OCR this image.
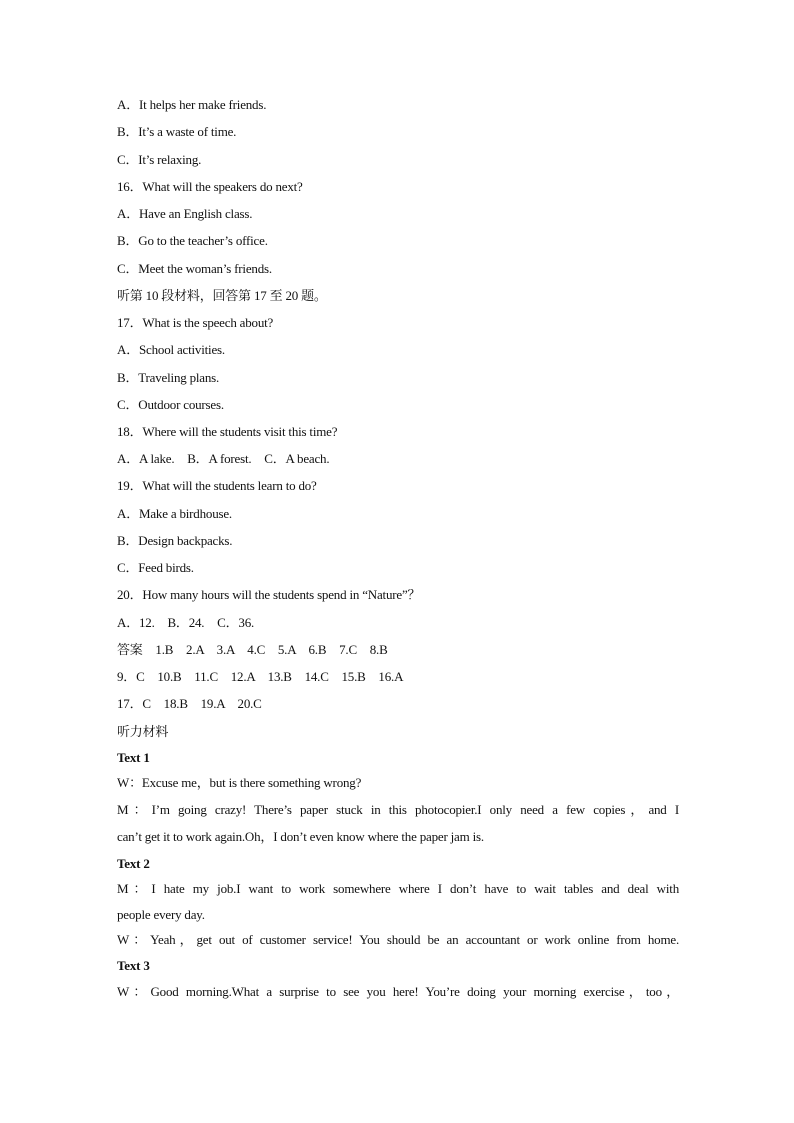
A．It helps her make friends.
B．It’s a waste of time.
C．It’s relaxing.
16．What will the speakers do next?
A．Have an English class.
B．Go to the teacher’s office.
C．Meet the woman’s friends.
听第 10 段材料，回答第 17 至 20 题。
17．What is the speech about?
A．School activities.
B．Traveling plans.
C．Outdoor courses.
18．Where will the students visit this time?
A．A lake.　B．A forest.　C．A beach.
19．What will the students learn to do?
A．Make a birdhouse.
B．Design backpacks.
C．Feed birds.
20．How many hours will the students spend in “Nature”？
A．12.　B．24.　C．36.
答案　1.B　2.A　3.A　4.C　5.A　6.B　7.C　8.B
9．C　10.B　11.C　12.A　13.B　14.C　15.B　16.A
17．C　18.B　19.A　20.C
听力材料
Text 1
W：Excuse me，but is there something wrong?
M：I’m going crazy! There’s paper stuck in this photocopier.I only need a few copies，and I
can’t get it to work again.Oh，I don’t even know where the paper jam is.
Text 2
M：I hate my job.I want to work somewhere where I don’t have to wait tables and deal with
people every day.
W：Yeah，get out of customer service! You should be an accountant or work online from home.
Text 3
W：Good morning.What a surprise to see you here! You’re doing your morning exercise，too，
